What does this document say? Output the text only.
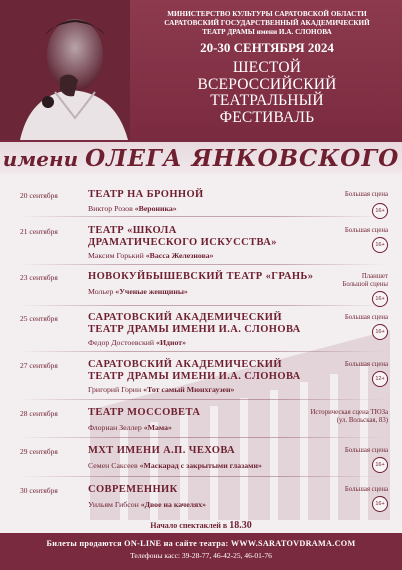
МИНИСТЕРСТВО КУЛЬТУРЫ САРАТОВСКОЙ ОБЛАСТИ
САРАТОВСКИЙ ГОСУДАРСТВЕННЫЙ АКАДЕМИЧЕСКИЙ
ТЕАТР ДРАМЫ имени И.А. СЛОНОВА
20-30 СЕНТЯБРЯ 2024
ШЕСТОЙ
ВСЕРОССИЙСКИЙ
ТЕАТРАЛЬНЫЙ
ФЕСТИВАЛЬ
имени ОЛЕГА ЯНКОВСКОГО
20 сентября	ТЕАТР НА БРОННОЙ
Виктор Розов «Вероника»
Большая сцена
16+
21 сентября	ТЕАТР «ШКОЛА
ДРАМАТИЧЕСКОГО ИСКУССТВА»
Максим Горький «Васса Железнова»
Большая сцена
16+
23 сентября	НОВОКУЙБЫШЕВСКИЙ ТЕАТР «ГРАНЬ»
Мольер «Ученые женщины»
Планшет
Большой сцены
16+
25 сентября	САРАТОВСКИЙ АКАДЕМИЧЕСКИЙ
ТЕАТР ДРАМЫ ИМЕНИ И.А. СЛОНОВА
Федор Достоевский «Идиот»
Большая сцена
16+
27 сентября	САРАТОВСКИЙ АКАДЕМИЧЕСКИЙ
ТЕАТР ДРАМЫ ИМЕНИ И.А. СЛОНОВА
Григорий Горин «Тот самый Мюнхгаузен»
Большая сцена
12+
28 сентября	ТЕАТР МОССОВЕТА
Флориан Зеллер «Мама»
Историческая сцена ТЮЗа
(ул. Вольская, 83)
29 сентября	МХТ ИМЕНИ А.П. ЧЕХОВА
Семен Саксеев «Маскарад с закрытыми глазами»
Большая сцена
16+
30 сентября	СОВРЕМЕННИК
Уильям Гибсон «Двое на качелях»
Большая сцена
16+
Начало спектаклей в 18.30
Билеты продаются ON-LINE на сайте театра: WWW.SARATOVDRAMA.COM
Телефоны касс: 39-28-77, 46-42-25, 46-01-76
